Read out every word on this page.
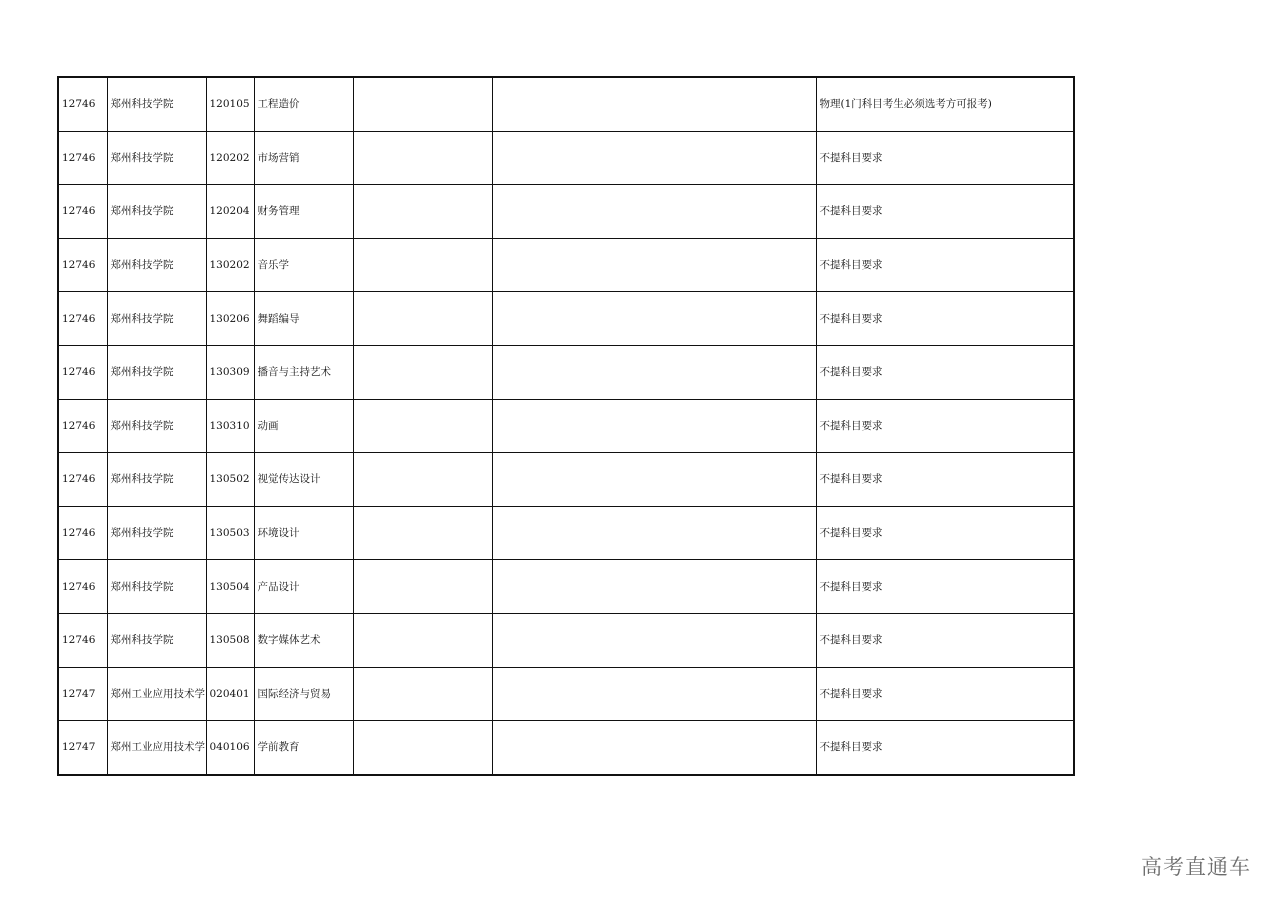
12746	郑州科技学院	120105	工程造价			物理(1门科目考生必须选考方可报考)
12746	郑州科技学院	120202	市场营销			不提科目要求
12746	郑州科技学院	120204	财务管理			不提科目要求
12746	郑州科技学院	130202	音乐学			不提科目要求
12746	郑州科技学院	130206	舞蹈编导			不提科目要求
12746	郑州科技学院	130309	播音与主持艺术			不提科目要求
12746	郑州科技学院	130310	动画			不提科目要求
12746	郑州科技学院	130502	视觉传达设计			不提科目要求
12746	郑州科技学院	130503	环境设计			不提科目要求
12746	郑州科技学院	130504	产品设计			不提科目要求
12746	郑州科技学院	130508	数字媒体艺术			不提科目要求
12747	郑州工业应用技术学	020401	国际经济与贸易			不提科目要求
12747	郑州工业应用技术学	040106	学前教育			不提科目要求
高考直通车
